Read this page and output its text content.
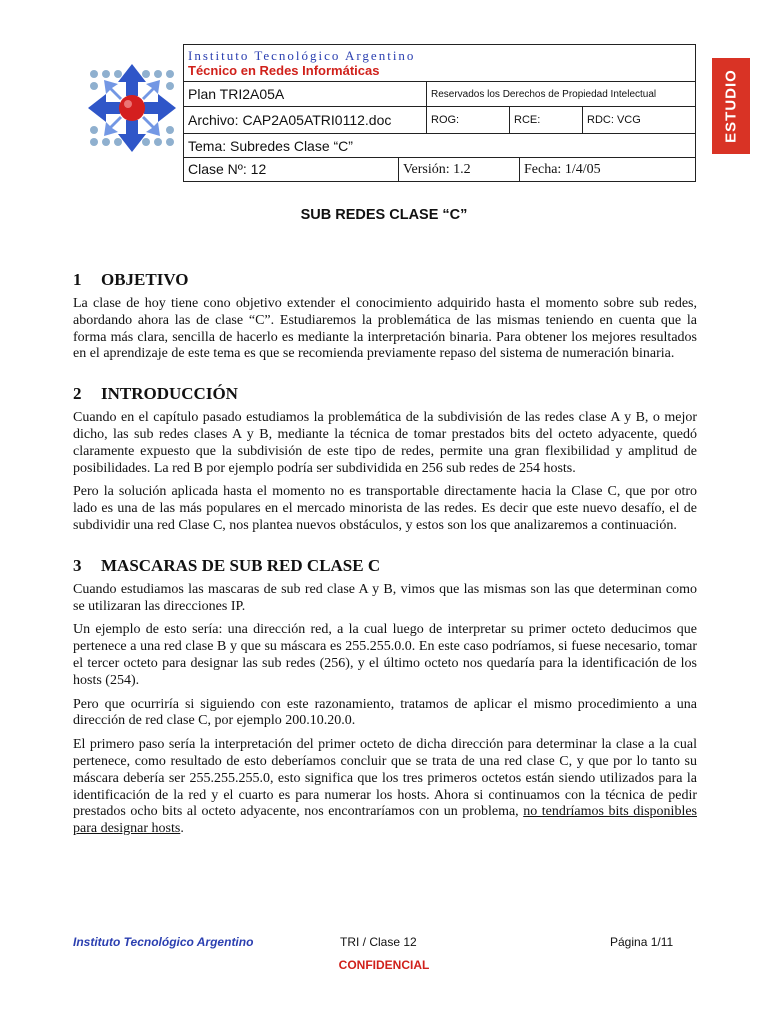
Instituto Tecnológico Argentino
Técnico en Redes Informáticas			

Plan TRI2A05A	Reservados los Derechos de Propiedad Intelectual		
Archivo: CAP2A05ATRI0112.doc	ROG:	RCE:	RDC: VCG
Tema: Subredes Clase “C”			

Clase Nº: 12 Versión: 1.2 Fecha: 1/4/05			
ESTUDIO
SUB REDES CLASE “C”
1	OBJETIVO

La clase de hoy tiene cono objetivo extender el conocimiento adquirido hasta el momento sobre sub redes, abordando ahora las de clase “C”. Estudiaremos la problemática de las mismas teniendo en cuenta que la forma más clara, sencilla de hacerlo es mediante la interpretación binaria. Para obtener los mejores resultados en el aprendizaje de este tema es que se recomienda previamente repaso del sistema de numeración binaria.

2	INTRODUCCIÓN

Cuando en el capítulo pasado estudiamos la problemática de la subdivisión de las redes clase A y B, o mejor dicho, las sub redes clases A y B, mediante la técnica de tomar prestados bits del octeto adyacente, quedó claramente expuesto que la subdivisión de este tipo de redes, permite una gran flexibilidad y amplitud de posibilidades. La red B por ejemplo podría ser subdividida en 256 sub redes de 254 hosts.

Pero la solución aplicada hasta el momento no es transportable directamente hacia la Clase C, que por otro lado es una de las más populares en el mercado minorista de las redes. Es decir que este nuevo desafío, el de subdividir una red Clase C, nos plantea nuevos obstáculos, y estos son los que analizaremos a continuación.

3	MASCARAS DE SUB RED CLASE C

Cuando estudiamos las mascaras de sub red clase A y B, vimos que las mismas son las que determinan como se utilizaran las direcciones IP.

Un ejemplo de esto sería: una dirección red, a la cual luego de interpretar su primer octeto deducimos que pertenece a una red clase B y que su máscara es 255.255.0.0. En este caso podríamos, si fuese necesario, tomar el tercer octeto para designar las sub redes (256), y el último octeto nos quedaría para la identificación de los hosts (254).

Pero que ocurriría si siguiendo con este razonamiento, tratamos de aplicar el mismo procedimiento a una dirección de red clase C, por ejemplo 200.10.20.0.

El primero paso sería la interpretación del primer octeto de dicha dirección para determinar la clase a la cual pertenece, como resultado de esto deberíamos concluir que se trata de una red clase C, y que por lo tanto su máscara debería ser 255.255.255.0, esto significa que los tres primeros octetos están siendo utilizados para la identificación de la red y el cuarto es para numerar los hosts. Ahora si continuamos con la técnica de pedir prestados ocho bits al octeto adyacente, nos encontraríamos con un problema, no tendríamos bits disponibles para designar hosts.

Instituto Tecnológico Argentino	TRI / Clase 12	Página 1/11
CONFIDENCIAL
